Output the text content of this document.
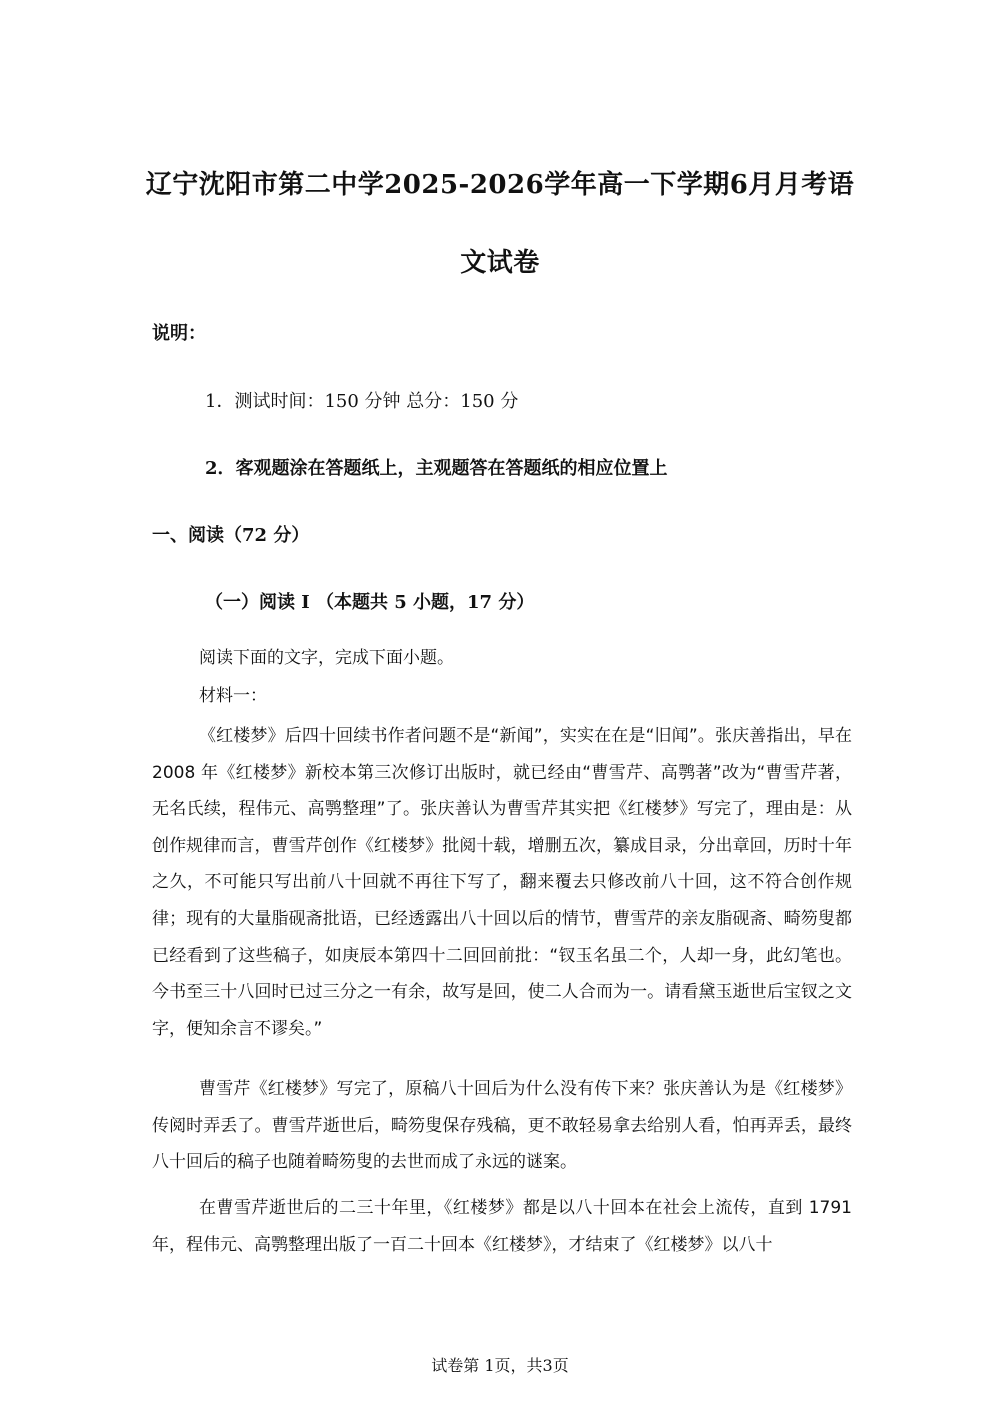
辽宁沈阳市第二中学2025-2026学年高一下学期6月月考语
文试卷
说明：
1．测试时间：150 分钟 总分：150 分
2．客观题涂在答题纸上，主观题答在答题纸的相应位置上
一、阅读（72 分）
（一）阅读 I （本题共 5 小题，17 分）
阅读下面的文字，完成下面小题。
材料一：

《红楼梦》后四十回续书作者问题不是“新闻”，实实在在是“旧闻”。张庆善指出，早在 2008 年《红楼梦》新校本第三次修订出版时，就已经由“曹雪芹、高鹗著”改为“曹雪芹著，无名氏续，程伟元、高鹗整理”了。张庆善认为曹雪芹其实把《红楼梦》写完了，理由是：从创作规律而言，曹雪芹创作《红楼梦》批阅十载，增删五次，纂成目录，分出章回，历时十年之久，不可能只写出前八十回就不再往下写了，翻来覆去只修改前八十回，这不符合创作规律；现有的大量脂砚斋批语，已经透露出八十回以后的情节，曹雪芹的亲友脂砚斋、畸笏叟都已经看到了这些稿子，如庚辰本第四十二回回前批：“钗玉名虽二个，人却一身，此幻笔也。今书至三十八回时已过三分之一有余，故写是回，使二人合而为一。请看黛玉逝世后宝钗之文字，便知余言不谬矣。”

曹雪芹《红楼梦》写完了，原稿八十回后为什么没有传下来？张庆善认为是《红楼梦》传阅时弄丢了。曹雪芹逝世后，畸笏叟保存残稿，更不敢轻易拿去给别人看，怕再弄丢，最终八十回后的稿子也随着畸笏叟的去世而成了永远的谜案。

在曹雪芹逝世后的二三十年里，《红楼梦》都是以八十回本在社会上流传，直到 1791 年，程伟元、高鹗整理出版了一百二十回本《红楼梦》，才结束了《红楼梦》以八十

试卷第 1页，共3页
